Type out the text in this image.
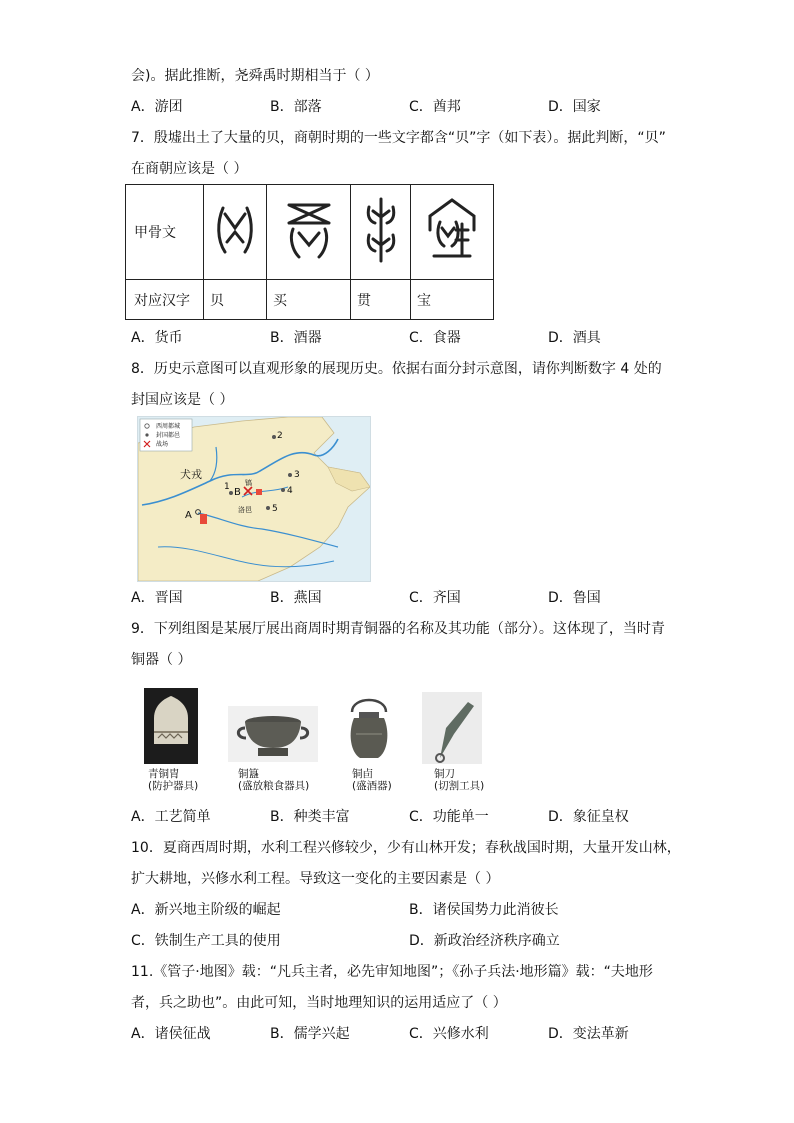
会)。据此推断，尧舜禹时期相当于（ ）
A．游团	B．部落	C．酋邦	D．国家
7．殷墟出土了大量的贝，商朝时期的一些文字都含“贝”字（如下表）。据此判断，“贝”
在商朝应该是（ ）
甲骨文				
对应汉字	贝	买	贯	宝
A．货币	B．酒器	C．食器	D．酒具
8．历史示意图可以直观形象的展现历史。依据右面分封示意图，请你判断数字 4 处的
封国应该是（ ）
西周都城
封国都邑
战场
犬戎
镐
洛邑
A
B
1
2
3
4
5
A．晋国	B．燕国	C．齐国	D．鲁国
9．下列组图是某展厅展出商周时期青铜器的名称及其功能（部分）。这体现了，当时青
铜器（ ）
青铜胄
(防护器具)
铜簋
(盛放粮食器具)
铜卣
(盛酒器)
铜刀
(切割工具)
A．工艺简单	B．种类丰富	C．功能单一	D．象征皇权
10．夏商西周时期，水利工程兴修较少，少有山林开发；春秋战国时期，大量开发山林，
扩大耕地，兴修水利工程。导致这一变化的主要因素是（ ）
A．新兴地主阶级的崛起	B．诸侯国势力此消彼长
C．铁制生产工具的使用	D．新政治经济秩序确立
11.《管子·地图》载：“凡兵主者，必先审知地图”；《孙子兵法·地形篇》载：“夫地形
者，兵之助也”。由此可知，当时地理知识的运用适应了（ ）
A．诸侯征战	B．儒学兴起	C．兴修水利	D．变法革新
